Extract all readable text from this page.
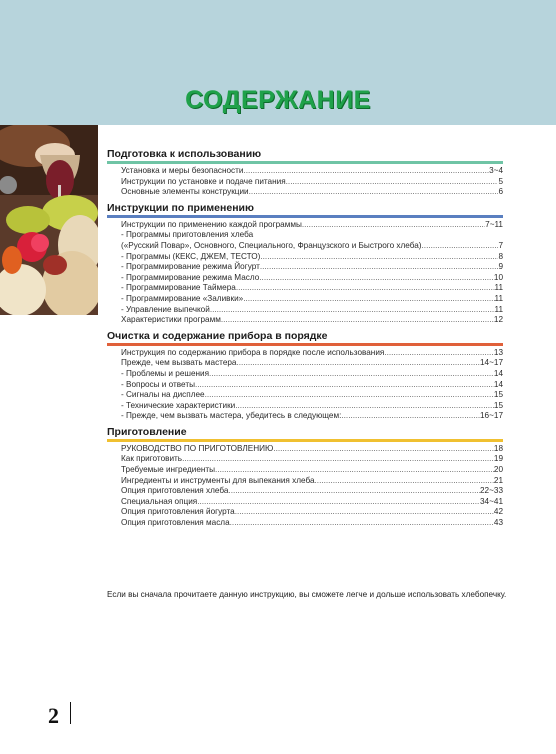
СОДЕРЖАНИЕ
Подготовка к использованию
Установка и меры безопасности .....	3~4
Инструкции по установке и подаче питания .....	5
Основные элементы конструкции .....	6
Инструкции по применению
Инструкции по применению каждой программы .....	7~11
- Программы приготовления хлеба
(«Русский Повар», Основного, Специального, Французского и Быстрого хлеба) .....	7
- Программы (КЕКС, ДЖЕМ, ТЕСТО) .....	8
- Программирование режима Йогурт .....	9
- Программирование режима Масло .....	10
- Программирование Таймера .....	11
- Программирование «Заливки» .....	11
- Управление выпечкой .....	11
Характеристики программ .....	12
Очистка и содержание прибора в порядке
Инструкция по содержанию прибора в порядке после использования .....	13
Прежде, чем вызвать мастера .....	14~17
- Проблемы и решения .....	14
- Вопросы и ответы .....	14
- Сигналы на дисплее .....	15
- Технические характеристики .....	15
- Прежде, чем вызвать мастера, убедитесь в следующем: .....	16~17
Приготовление
РУКОВОДСТВО ПО ПРИГОТОВЛЕНИЮ .....	18
Как приготовить .....	19
Требуемые ингредиенты .....	20
Ингредиенты и инструменты для выпекания хлеба .....	21
Опция приготовления хлеба .....	22~33
Специальная опция .....	34~41
Опция приготовления йогурта .....	42
Опция приготовления масла .....	43
Если вы сначала прочитаете данную инструкцию, вы сможете легче и дольше использовать хлебопечку.
2
